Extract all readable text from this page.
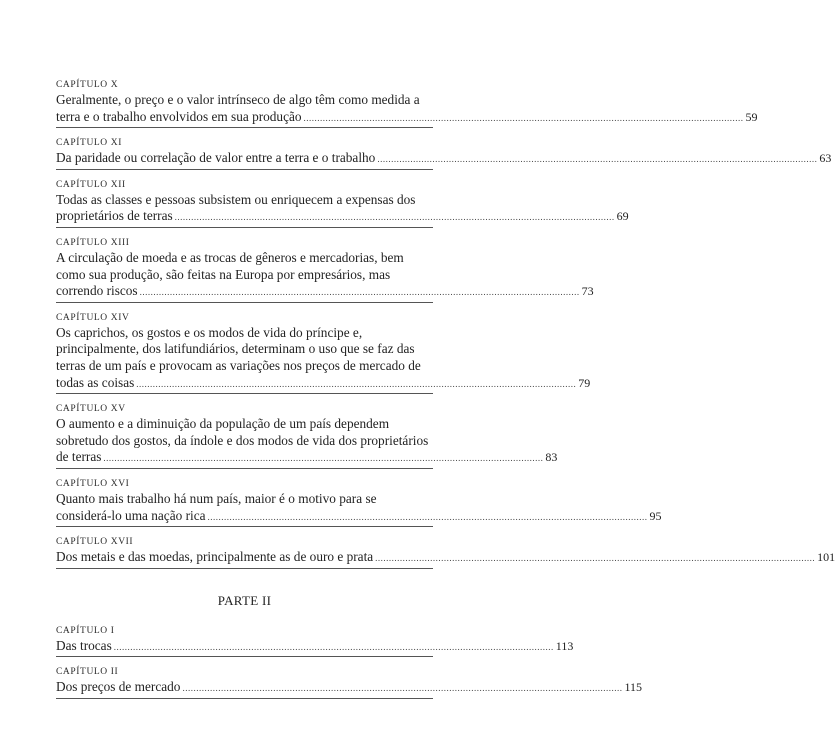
CAPÍTULO X
Geralmente, o preço e o valor intrínseco de algo têm como medida a
terra e o trabalho envolvidos em sua produção ................................................................................................................................................................ 59
CAPÍTULO XI
Da paridade ou correlação de valor entre a terra e o trabalho ................................................................................................................................................................ 63
CAPÍTULO XII
Todas as classes e pessoas subsistem ou enriquecem a expensas dos
proprietários de terras ................................................................................................................................................................ 69
CAPÍTULO XIII
A circulação de moeda e as trocas de gêneros e mercadorias, bem
como sua produção, são feitas na Europa por empresários, mas
correndo riscos ................................................................................................................................................................ 73
CAPÍTULO XIV
Os caprichos, os gostos e os modos de vida do príncipe e,
principalmente, dos latifundiários, determinam o uso que se faz das
terras de um país e provocam as variações nos preços de mercado de
todas as coisas ................................................................................................................................................................ 79
CAPÍTULO XV
O aumento e a diminuição da população de um país dependem
sobretudo dos gostos, da índole e dos modos de vida dos proprietários
de terras ................................................................................................................................................................ 83
CAPÍTULO XVI
Quanto mais trabalho há num país, maior é o motivo para se
considerá-lo uma nação rica ................................................................................................................................................................ 95
CAPÍTULO XVII
Dos metais e das moedas, principalmente as de ouro e prata ................................................................................................................................................................ 101
PARTE II
CAPÍTULO I
Das trocas ................................................................................................................................................................ 113
CAPÍTULO II
Dos preços de mercado ................................................................................................................................................................ 115
